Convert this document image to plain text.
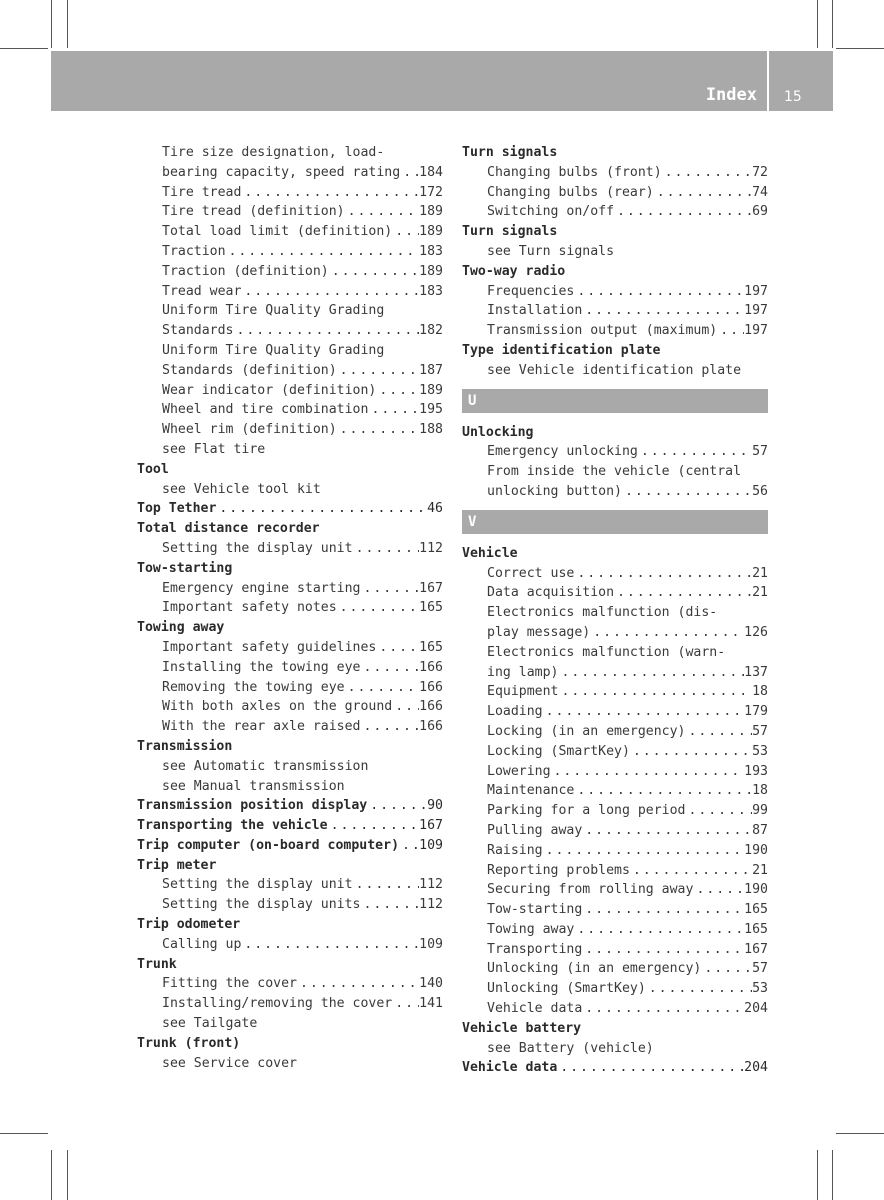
Index 15
Tire size designation, load-
bearing capacity, speed rating . . . 184
Tire tread . . .	172
Tire tread (definition) . . .	189
Total load limit (definition) . . . 189
Traction . . .	183
Traction (definition) . . .	189
Tread wear . . .	183
Uniform Tire Quality Grading
Standards . . .	182
Uniform Tire Quality Grading
Standards (definition) . . .	187
Wear indicator (definition) . . .	189
Wheel and tire combination . . .	195
Wheel rim (definition) . . .	188
see Flat tire
Tool
see Vehicle tool kit
Top Tether . . .	46
Total distance recorder
Setting the display unit . . .	112
Tow-starting
Emergency engine starting . . .	167
Important safety notes . . .	165
Towing away
Important safety guidelines . . .	165
Installing the towing eye . . .	166
Removing the towing eye . . .	166
With both axles on the ground . . . 166
With the rear axle raised . . .	166
Transmission
see Automatic transmission
see Manual transmission
Transmission position display . . .	90
Transporting the vehicle . . .	167
Trip computer (on-board computer) . . . 109
Trip meter
Setting the display unit . . .	112
Setting the display units . . .	112
Trip odometer
Calling up . . .	109
Trunk
Fitting the cover . . .	140
Installing/removing the cover . . . 141
see Tailgate
Trunk (front)
see Service cover
Turn signals
Changing bulbs (front) . . .	72
Changing bulbs (rear) . . .	74
Switching on/off . . .	69
Turn signals
see Turn signals
Two-way radio
Frequencies . . .	197
Installation . . .	197
Transmission output (maximum) . . . 197
Type identification plate
see Vehicle identification plate
U
Unlocking
Emergency unlocking . . .	57
From inside the vehicle (central
unlocking button) . . .	56
V
Vehicle
Correct use . . .	21
Data acquisition . . .	21
Electronics malfunction (dis-
play message) . . .	126
Electronics malfunction (warn-
ing lamp) . . .	137
Equipment . . .	18
Loading . . .	179
Locking (in an emergency) . . .	57
Locking (SmartKey) . . .	53
Lowering . . .	193
Maintenance . . .	18
Parking for a long period . . .	99
Pulling away . . .	87
Raising . . .	190
Reporting problems . . .	21
Securing from rolling away . . .	190
Tow-starting . . .	165
Towing away . . .	165
Transporting . . .	167
Unlocking (in an emergency) . . .	57
Unlocking (SmartKey) . . .	53
Vehicle data . . .	204
Vehicle battery
see Battery (vehicle)
Vehicle data . . .	204
